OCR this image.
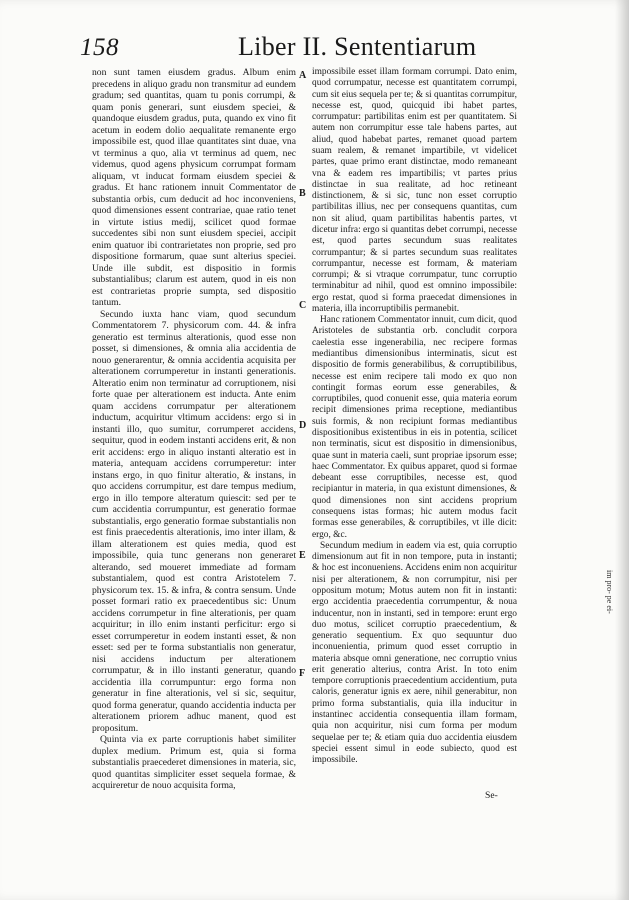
158	Liber II. Sententiarum

non sunt tamen eiusdem gradus. Album enim precedens in aliquo gradu non transmitur ad eundem gradum; sed quantitas, quam tu ponis corrumpi, & quam ponis generari, sunt eiusdem speciei, & quandoque eiusdem gradus, puta, quando ex vino fit acetum in eodem dolio aequalitate remanente ergo impossibile est, quod illae quantitates sint duae, vna vt terminus a quo, alia vt terminus ad quem, nec videmus, quod agens physicum corrumpat formam aliquam, vt inducat formam eiusdem speciei & gradus. Et hanc rationem innuit Commentator de substantia orbis, cum deducit ad hoc inconveniens, quod dimensiones essent contrariae, quae ratio tenet in virtute istius medij, scilicet quod formae succedentes sibi non sunt eiusdem speciei, accipit enim quatuor ibi contrarietates non proprie, sed pro dispositione formarum, quae sunt alterius speciei. Unde ille subdit, est dispositio in formis substantialibus; clarum est autem, quod in eis non est contrarietas proprie sumpta, sed dispositio tantum.

Secundo iuxta hanc viam, quod secundum Commentatorem 7. physicorum com. 44. & infra generatio est terminus alterationis, quod esse non posset, si dimensiones, & omnia alia accidentia de nouo generarentur, & omnia accidentia acquisita per alterationem corrumperetur in instanti generationis. Alteratio enim non terminatur ad corruptionem, nisi forte quae per alterationem est inducta. Ante enim quam accidens corrumpatur per alterationem inductum, acquiritur vltimum accidens: ergo si in instanti illo, quo sumitur, corrumperet accidens, sequitur, quod in eodem instanti accidens erit, & non erit accidens: ergo in aliquo instanti alteratio est in materia, antequam accidens corrumperetur: inter instans ergo, in quo finitur alteratio, & instans, in quo accidens corrumpitur, est dare tempus medium, ergo in illo tempore alteratum quiescit: sed per te cum accidentia corrumpuntur, est generatio formae substantialis, ergo generatio formae substantialis non est finis praecedentis alterationis, imo inter illam, & illam alterationem est quies media, quod est impossibile, quia tunc generans non generaret alterando, sed moueret immediate ad formam substantialem, quod est contra Aristotelem 7. physicorum tex. 15. & infra, & contra sensum. Unde posset formari ratio ex praecedentibus sic: Unum accidens corrumpetur in fine alterationis, per quam acquiritur; in illo enim instanti perficitur: ergo si esset corrumperetur in eodem instanti esset, & non esset: sed per te forma substantialis non generatur, nisi accidens inductum per alterationem corrumpatur, & in illo instanti generatur, quando accidentia illa corrumpuntur: ergo forma non generatur in fine alterationis, vel si sic, sequitur, quod forma generatur, quando accidentia inducta per alterationem priorem adhuc manent, quod est propositum.

Quinta via ex parte corruptionis habet similiter duplex medium. Primum est, quia si forma substantialis praecederet dimensiones in materia, sic, quod quantitas simpliciter esset sequela formae, & acquireretur de nouo acquisita forma,

A
B
C
D
E
F

impossibile esset illam formam corrumpi. Dato enim, quod corrumpatur, necesse est quantitatem corrumpi, cum sit eius sequela per te; & si quantitas corrumpitur, necesse est, quod, quicquid ibi habet partes, corrumpatur: partibilitas enim est per quantitatem. Si autem non corrumpitur esse tale habens partes, aut aliud, quod habebat partes, remanet quoad partem suam realem, & remanet impartibile, vt videlicet partes, quae primo erant distinctae, modo remaneant vna & eadem res impartibilis; vt partes prius distinctae in sua realitate, ad hoc retineant distinctionem, & si sic, tunc non esset corruptio partibilitas illius, nec per consequens quantitas, cum non sit aliud, quam partibilitas habentis partes, vt dicetur infra: ergo si quantitas debet corrumpi, necesse est, quod partes secundum suas realitates corrumpantur; & si partes secundum suas realitates corrumpantur, necesse est formam, & materiam corrumpi; & si vtraque corrumpatur, tunc corruptio terminabitur ad nihil, quod est omnino impossibile: ergo restat, quod si forma praecedat dimensiones in materia, illa incorruptibilis permanebit.

Hanc rationem Commentator innuit, cum dicit, quod Aristoteles de substantia orb. concludit corpora caelestia esse ingenerabilia, nec recipere formas mediantibus dimensionibus interminatis, sicut est dispositio de formis generabilibus, & corruptibilibus, necesse est enim recipere tali modo ex quo non contingit formas eorum esse generabiles, & corruptibiles, quod conuenit esse, quia materia eorum recipit dimensiones prima receptione, mediantibus suis formis, & non recipiunt formas mediantibus dispositionibus existentibus in eis in potentia, scilicet non terminatis, sicut est dispositio in dimensionibus, quae sunt in materia caeli, sunt propriae ipsorum esse; haec Commentator. Ex quibus apparet, quod si formae debeant esse corruptibiles, necesse est, quod recipiantur in materia, in qua existunt dimensiones, & quod dimensiones non sint accidens proprium consequens istas formas; hic autem modus facit formas esse generabiles, & corruptibiles, vt ille dicit: ergo, &c.

Secundum medium in eadem via est, quia corruptio dimensionum aut fit in non tempore, puta in instanti; & hoc est inconueniens. Accidens enim non acquiritur nisi per alterationem, & non corrumpitur, nisi per oppositum motum; Motus autem non fit in instanti: ergo accidentia praecedentia corrumpentur, & noua inducentur, non in instanti, sed in tempore: erunt ergo duo motus, scilicet corruptio praecedentium, & generatio sequentium. Ex quo sequuntur duo inconuenientia, primum quod esset corruptio in materia absque omni generatione, nec corruptio vnius erit generatio alterius, contra Arist. In toto enim tempore corruptionis praecedentium accidentium, puta caloris, generatur ignis ex aere, nihil generabitur, non primo forma substantialis, quia illa inducitur in instantinec accidentia consequentia illam formam, quia non acquiritur, nisi cum forma per modum sequelae per te; & etiam quia duo accidentia eiusdem speciei essent simul in eode subiecto, quod est impossibile.

im pro- pe ei-
Se-
